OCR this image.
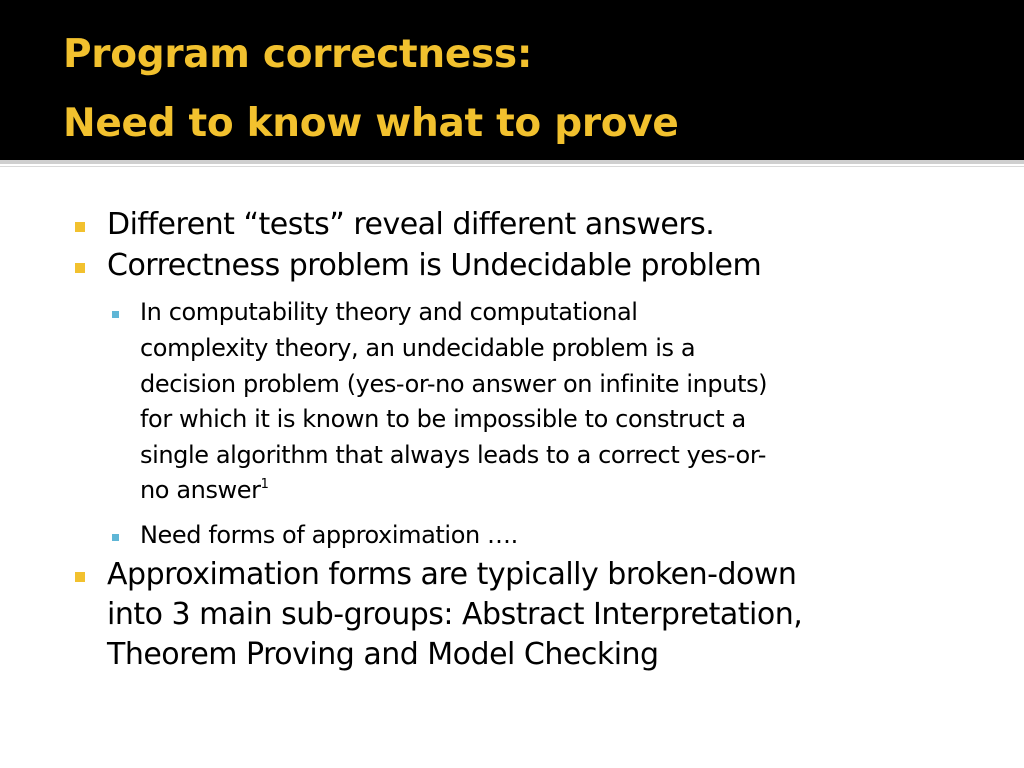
Program correctness:
Need to know what to prove
Different “tests” reveal different answers.
Correctness problem is Undecidable problem
In computability theory and computational
complexity theory, an undecidable problem is a
decision problem (yes-or-no answer on infinite inputs)
for which it is known to be impossible to construct a
single algorithm that always leads to a correct yes-or-
no answer$^1$
Need forms of approximation ….
Approximation forms are typically broken-down
into 3 main sub-groups: Abstract Interpretation,
Theorem Proving and Model Checking
